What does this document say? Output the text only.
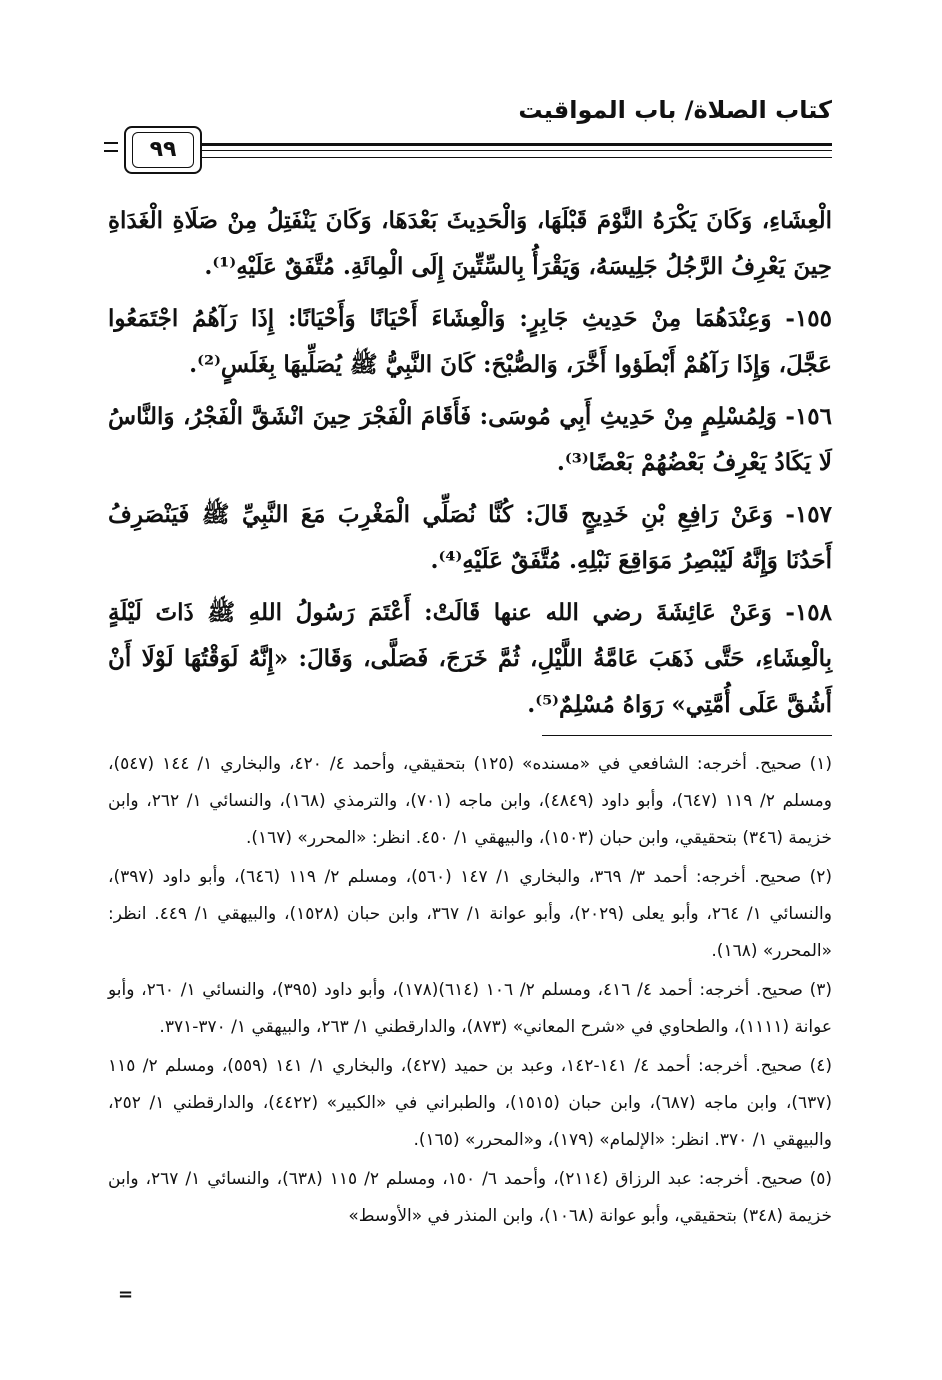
كتاب الصلاة/ باب المواقيت
٩٩

الْعِشَاءِ، وَكَانَ يَكْرَهُ النَّوْمَ قَبْلَهَا، وَالْحَدِيثَ بَعْدَهَا، وَكَانَ يَنْفَتِلُ مِنْ صَلَاةِ الْغَدَاةِ حِينَ يَعْرِفُ الرَّجُلُ جَلِيسَهُ، وَيَقْرَأُ بِالسِّتِّينَ إِلَى الْمِائَةِ. مُتَّفَقٌ عَلَيْهِ⁽¹⁾.

١٥٥- وَعِنْدَهُمَا مِنْ حَدِيثِ جَابِرٍ: وَالْعِشَاءَ أَحْيَانًا وَأَحْيَانًا: إِذَا رَآهُمُ اجْتَمَعُوا عَجَّلَ، وَإِذَا رَآهُمْ أَبْطَؤوا أَخَّرَ، وَالصُّبْحَ: كَانَ النَّبِيُّ ﷺ يُصَلِّيهَا بِغَلَسٍ⁽²⁾.

١٥٦- وَلِمُسْلِمٍ مِنْ حَدِيثِ أَبِي مُوسَى: فَأَقَامَ الْفَجْرَ حِينَ انْشَقَّ الْفَجْرُ، وَالنَّاسُ لَا يَكَادُ يَعْرِفُ بَعْضُهُمْ بَعْضًا⁽³⁾.

١٥٧- وَعَنْ رَافِعِ بْنِ خَدِيجٍ قَالَ: كُنَّا نُصَلِّي الْمَغْرِبَ مَعَ النَّبِيِّ ﷺ فَيَنْصَرِفُ أَحَدُنَا وَإِنَّهُ لَيُبْصِرُ مَوَاقِعَ نَبْلِهِ. مُتَّفَقٌ عَلَيْهِ⁽⁴⁾.

١٥٨- وَعَنْ عَائِشَةَ رضي الله عنها قَالَتْ: أَعْتَمَ رَسُولُ اللهِ ﷺ ذَاتَ لَيْلَةٍ بِالْعِشَاءِ، حَتَّى ذَهَبَ عَامَّةُ اللَّيْلِ، ثُمَّ خَرَجَ، فَصَلَّى، وَقَالَ: «إِنَّهُ لَوَقْتُهَا لَوْلَا أَنْ أَشُقَّ عَلَى أُمَّتِي» رَوَاهُ مُسْلِمٌ⁽⁵⁾.

(١) صحيح. أخرجه: الشافعي في «مسنده» (١٢٥) بتحقيقي، وأحمد ٤/ ٤٢٠، والبخاري ١/ ١٤٤ (٥٤٧)، ومسلم ٢/ ١١٩ (٦٤٧)، وأبو داود (٤٨٤٩)، وابن ماجه (٧٠١)، والترمذي (١٦٨)، والنسائي ١/ ٢٦٢، وابن خزيمة (٣٤٦) بتحقيقي، وابن حبان (١٥٠٣)، والبيهقي ١/ ٤٥٠. انظر: «المحرر» (١٦٧).

(٢) صحيح. أخرجه: أحمد ٣/ ٣٦٩، والبخاري ١/ ١٤٧ (٥٦٠)، ومسلم ٢/ ١١٩ (٦٤٦)، وأبو داود (٣٩٧)، والنسائي ١/ ٢٦٤، وأبو يعلى (٢٠٢٩)، وأبو عوانة ١/ ٣٦٧، وابن حبان (١٥٢٨)، والبيهقي ١/ ٤٤٩. انظر: «المحرر» (١٦٨).

(٣) صحيح. أخرجه: أحمد ٤/ ٤١٦، ومسلم ٢/ ١٠٦ (٦١٤)(١٧٨)، وأبو داود (٣٩٥)، والنسائي ١/ ٢٦٠، وأبو عوانة (١١١١)، والطحاوي في «شرح المعاني» (٨٧٣)، والدارقطني ١/ ٢٦٣، والبيهقي ١/ ٣٧٠-٣٧١.

(٤) صحيح. أخرجه: أحمد ٤/ ١٤١-١٤٢، وعبد بن حميد (٤٢٧)، والبخاري ١/ ١٤١ (٥٥٩)، ومسلم ٢/ ١١٥ (٦٣٧)، وابن ماجه (٦٨٧)، وابن حبان (١٥١٥)، والطبراني في «الكبير» (٤٤٢٢)، والدارقطني ١/ ٢٥٢، والبيهقي ١/ ٣٧٠. انظر: «الإلمام» (١٧٩)، و«المحرر» (١٦٥).

(٥) صحيح. أخرجه: عبد الرزاق (٢١١٤)، وأحمد ٦/ ١٥٠، ومسلم ٢/ ١١٥ (٦٣٨)، والنسائي ١/ ٢٦٧، وابن خزيمة (٣٤٨) بتحقيقي، وأبو عوانة (١٠٦٨)، وابن المنذر في «الأوسط»

=
